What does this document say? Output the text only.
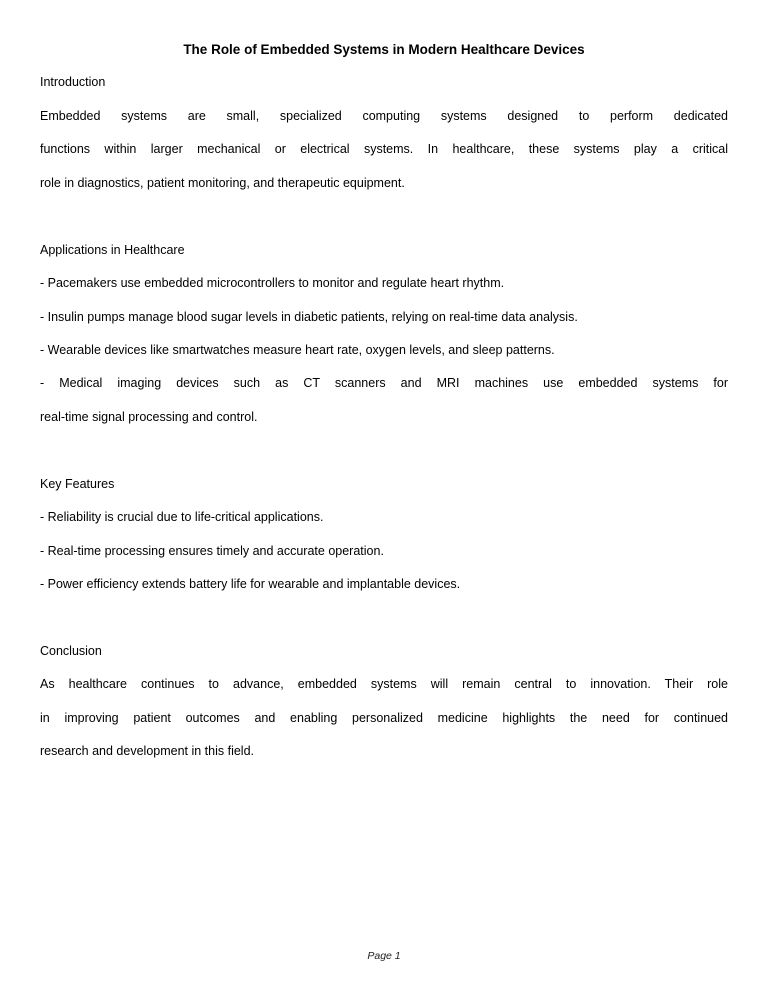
The Role of Embedded Systems in Modern Healthcare Devices
Introduction
Embedded systems are small, specialized computing systems designed to perform dedicated
functions within larger mechanical or electrical systems. In healthcare, these systems play a critical
role in diagnostics, patient monitoring, and therapeutic equipment.
Applications in Healthcare
- Pacemakers use embedded microcontrollers to monitor and regulate heart rhythm.
- Insulin pumps manage blood sugar levels in diabetic patients, relying on real-time data analysis.
- Wearable devices like smartwatches measure heart rate, oxygen levels, and sleep patterns.
- Medical imaging devices such as CT scanners and MRI machines use embedded systems for
real-time signal processing and control.
Key Features
- Reliability is crucial due to life-critical applications.
- Real-time processing ensures timely and accurate operation.
- Power efficiency extends battery life for wearable and implantable devices.
Conclusion
As healthcare continues to advance, embedded systems will remain central to innovation. Their role
in improving patient outcomes and enabling personalized medicine highlights the need for continued
research and development in this field.
Page 1
